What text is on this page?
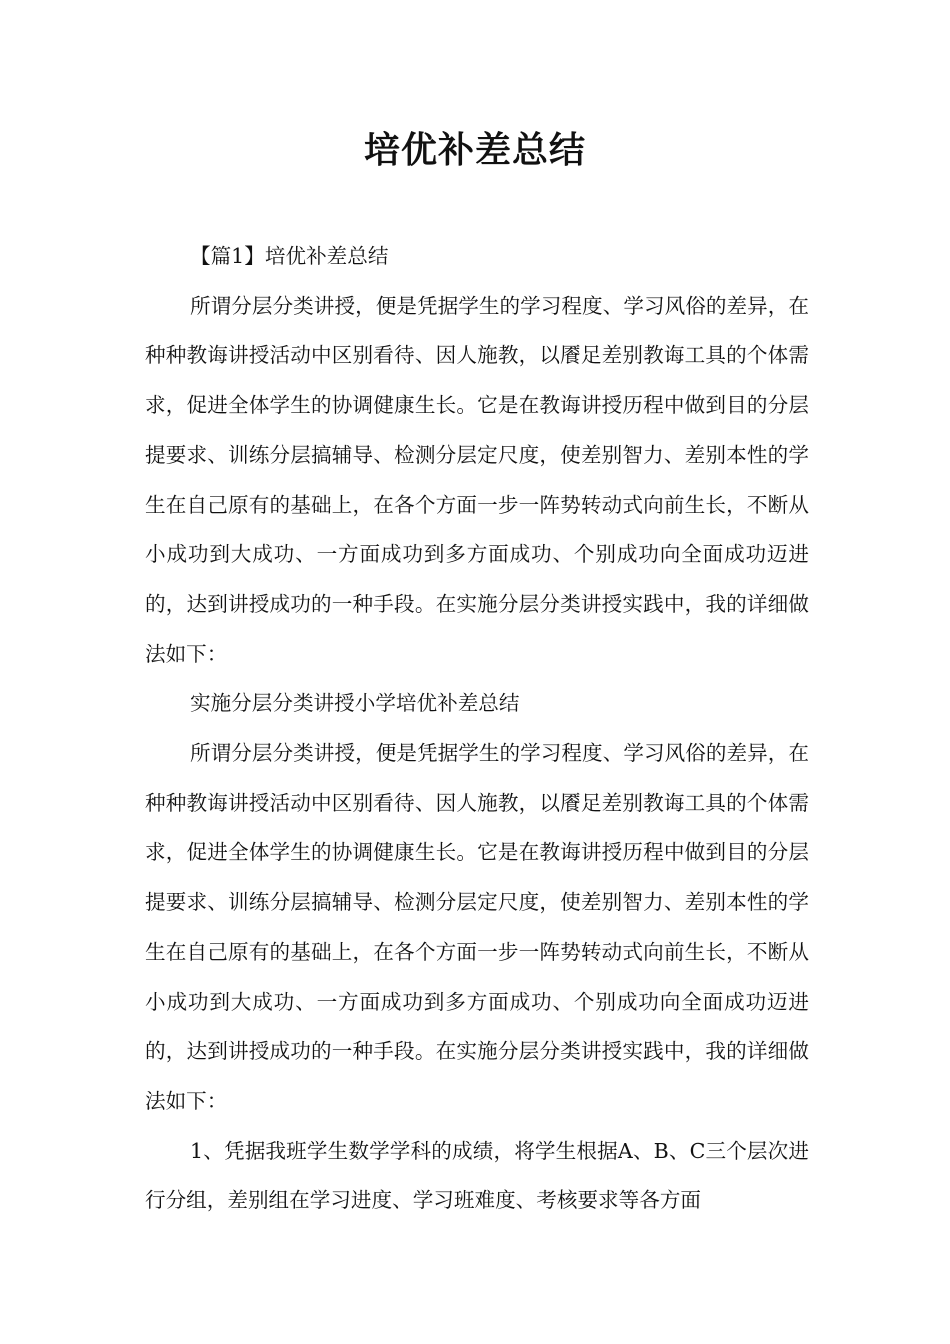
培优补差总结

【篇1】培优补差总结

所谓分层分类讲授，便是凭据学生的学习程度、学习风俗的差异，在种种教诲讲授活动中区别看待、因人施教，以餍足差别教诲工具的个体需求，促进全体学生的协调健康生长。它是在教诲讲授历程中做到目的分层提要求、训练分层搞辅导、检测分层定尺度，使差别智力、差别本性的学生在自己原有的基础上，在各个方面一步一阵势转动式向前生长，不断从小成功到大成功、一方面成功到多方面成功、个别成功向全面成功迈进的，达到讲授成功的一种手段。在实施分层分类讲授实践中，我的详细做法如下：

实施分层分类讲授小学培优补差总结

所谓分层分类讲授，便是凭据学生的学习程度、学习风俗的差异，在种种教诲讲授活动中区别看待、因人施教，以餍足差别教诲工具的个体需求，促进全体学生的协调健康生长。它是在教诲讲授历程中做到目的分层提要求、训练分层搞辅导、检测分层定尺度，使差别智力、差别本性的学生在自己原有的基础上，在各个方面一步一阵势转动式向前生长，不断从小成功到大成功、一方面成功到多方面成功、个别成功向全面成功迈进的，达到讲授成功的一种手段。在实施分层分类讲授实践中，我的详细做法如下：

1、凭据我班学生数学学科的成绩，将学生根据A、B、C三个层次进行分组，差别组在学习进度、学习班难度、考核要求等各方面
